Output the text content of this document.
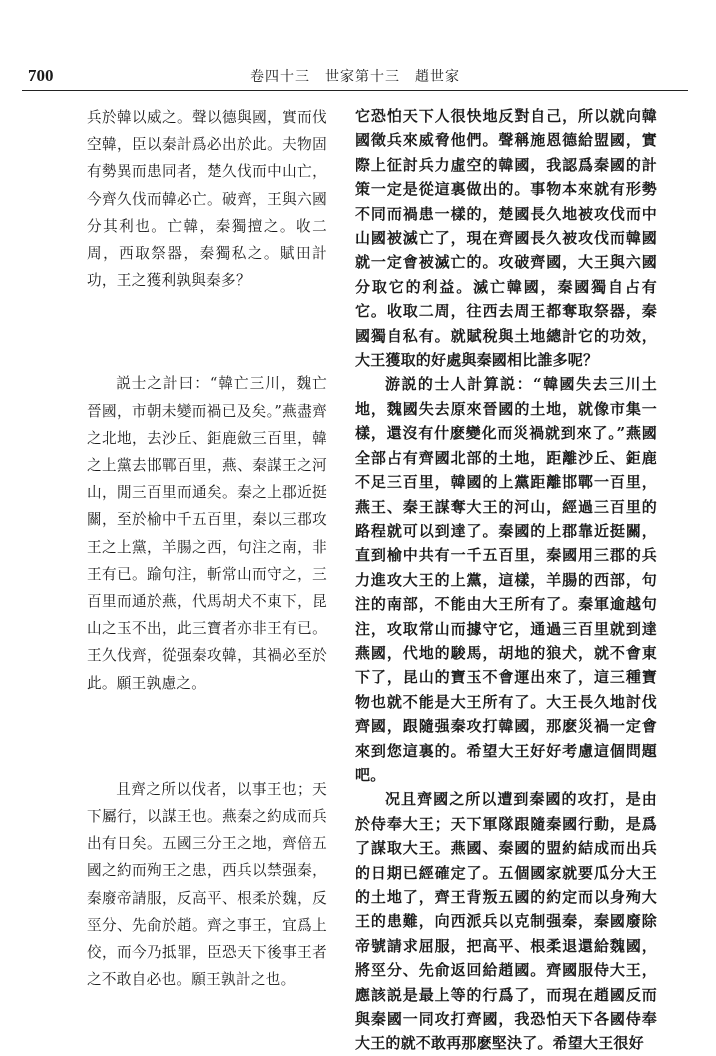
700	卷四十三　世家第十三　趙世家

兵於韓以威之。聲以德與國，實而伐空韓，臣以秦計爲必出於此。夫物固有勢異而患同者，楚久伐而中山亡，今齊久伐而韓必亡。破齊，王與六國分其利也。亡韓，秦獨擅之。收二周，西取祭器，秦獨私之。賦田計功，王之獲利孰與秦多？

説士之計曰：“韓亡三川，魏亡晉國，市朝未變而禍已及矣。”燕盡齊之北地，去沙丘、鉅鹿斂三百里，韓之上黨去邯鄲百里，燕、秦謀王之河山，閒三百里而通矣。秦之上郡近挺關，至於榆中千五百里，秦以三郡攻王之上黨，羊腸之西，句注之南，非王有已。踰句注，斬常山而守之，三百里而通於燕，代馬胡犬不東下，昆山之玉不出，此三寶者亦非王有已。王久伐齊，從强秦攻韓，其禍必至於此。願王孰慮之。

且齊之所以伐者，以事王也；天下屬行，以謀王也。燕秦之約成而兵出有日矣。五國三分王之地，齊倍五國之約而殉王之患，西兵以禁强秦，秦廢帝請服，反高平、根柔於魏，反巠分、先俞於趙。齊之事王，宜爲上佼，而今乃抵罪，臣恐天下後事王者之不敢自必也。願王孰計之也。

它恐怕天下人很快地反對自己，所以就向韓國徵兵來威脅他們。聲稱施恩德給盟國，實際上征討兵力虛空的韓國，我認爲秦國的計策一定是從這裏做出的。事物本來就有形勢不同而禍患一樣的，楚國長久地被攻伐而中山國被滅亡了，現在齊國長久被攻伐而韓國就一定會被滅亡的。攻破齊國，大王與六國分取它的利益。滅亡韓國，秦國獨自占有它。收取二周，往西去周王都奪取祭器，秦國獨自私有。就賦稅與土地總計它的功效，大王獲取的好處與秦國相比誰多呢？

游説的士人計算説：“韓國失去三川土地，魏國失去原來晉國的土地，就像市集一樣，還沒有什麽變化而災禍就到來了。”燕國全部占有齊國北部的土地，距離沙丘、鉅鹿不足三百里，韓國的上黨距離邯鄲一百里，燕王、秦王謀奪大王的河山，經過三百里的路程就可以到達了。秦國的上郡靠近挺關，直到榆中共有一千五百里，秦國用三郡的兵力進攻大王的上黨，這樣，羊腸的西部，句注的南部，不能由大王所有了。秦軍逾越句注，攻取常山而據守它，通過三百里就到達燕國，代地的駿馬，胡地的狼犬，就不會東下了，昆山的寶玉不會運出來了，這三種寶物也就不能是大王所有了。大王長久地討伐齊國，跟隨强秦攻打韓國，那麽災禍一定會來到您這裏的。希望大王好好考慮這個問題吧。

况且齊國之所以遭到秦國的攻打，是由於侍奉大王；天下軍隊跟隨秦國行動，是爲了謀取大王。燕國、秦國的盟約結成而出兵的日期已經確定了。五個國家就要瓜分大王的土地了，齊王背叛五國的約定而以身殉大王的患難，向西派兵以克制强秦，秦國廢除帝號請求屈服，把高平、根柔退還給魏國，將巠分、先俞返回給趙國。齊國服侍大王，應該説是最上等的行爲了，而現在趙國反而與秦國一同攻打齊國，我恐怕天下各國侍奉大王的就不敢再那麽堅決了。希望大王很好
